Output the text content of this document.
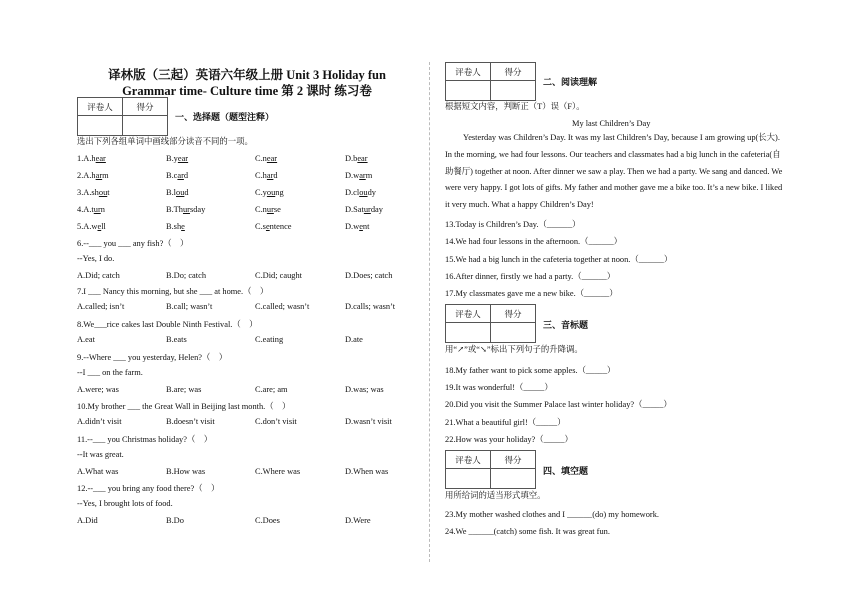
译林版（三起）英语六年级上册 Unit 3 Holiday fun
Grammar time- Culture time 第 2 课时 练习卷
评卷人	得分

一、选择题（题型注释）
选出下列各组单词中画线部分读音不同的一项。
1.A.hear	B.year	C.near	D.bear
2.A.harm	B.card	C.hard	D.warm
3.A.shout	B.loud	C.young	D.cloudy
4.A.turn	B.Thursday	C.nurse	D.Saturday
5.A.well	B.she	C.sentence	D.went
6.--___ you ___ any fish?（　）
--Yes, I do.
A.Did; catch	B.Do; catch	C.Did; caught	D.Does; catch
7.I ___ Nancy this morning, but she ___ at home.（　）
A.called; isn’t	B.call; wasn’t	C.called; wasn’t	D.calls; wasn’t
8.We___rice cakes last Double Ninth Festival.（　）
A.eat	B.eats	C.eating	D.ate
9.--Where ___ you yesterday, Helen?（　）
--I ___ on the farm.
A.were; was	B.are; was	C.are; am	D.was; was
10.My brother ___ the Great Wall in Beijing last month.（　）
A.didn’t visit	B.doesn’t visit	C.don’t visit	D.wasn’t visit
11.--___ you Christmas holiday?（　）
--It was great.
A.What was	B.How was	C.Where was	D.When was
12.--___ you bring any food there?（　）
--Yes, I brought lots of food.
A.Did	B.Do	C.Does	D.Were
评卷人	得分

二、阅读理解
根据短文内容，判断正（T）误（F）。
My last Children’s Day
Yesterday was Children’s Day. It was my last Children’s Day, because I am growing up(长大). In the morning, we had four lessons. Our teachers and classmates had a big lunch in the cafeteria(自助餐厅) together at noon. After dinner we saw a play. Then we had a party. We sang and danced. We were very happy. I got lots of gifts. My father and mother gave me a bike too. It’s a new bike. I liked it very much. What a happy Children’s Day!
13.Today is Children’s Day.（______）
14.We had four lessons in the afternoon.（______）
15.We had a big lunch in the cafeteria together at noon.（______）
16.After dinner, firstly we had a party.（______）
17.My classmates gave me a new bike.（______）
评卷人	得分

三、音标题
用“↗”或“↘”标出下列句子的升降调。
18.My father want to pick some apples.（_____）
19.It was wonderful!（_____）
20.Did you visit the Summer Palace last winter holiday?（_____）
21.What a beautiful girl!（_____）
22.How was your holiday?（_____）
评卷人	得分

四、填空题
用所给词的适当形式填空。
23.My mother washed clothes and I ______(do) my homework.
24.We ______(catch) some fish. It was great fun.
